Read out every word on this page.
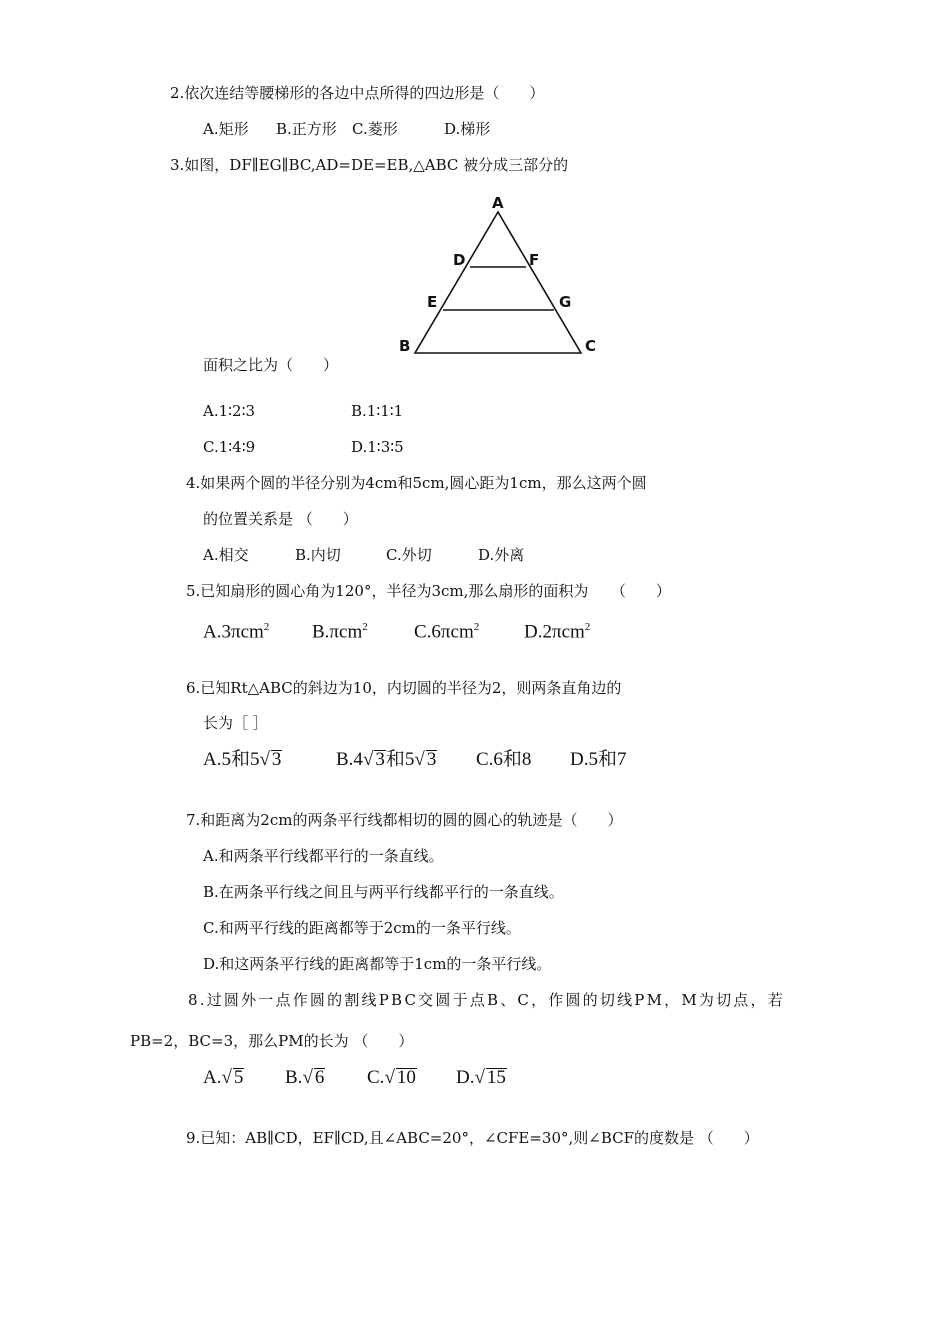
2.依次连结等腰梯形的各边中点所得的四边形是（　　）
A.矩形 B.正方形 C.菱形	D.梯形
3.如图，DF∥EG∥BC,AD=DE=EB,△ABC 被分成三部分的
A
D	F
E	G
B	C
面积之比为（　　）
A.1∶2∶3	B.1∶1∶1
C.1∶4∶9	D.1∶3∶5
4.如果两个圆的半径分别为4cm和5cm,圆心距为1cm，那么这两个圆
的位置关系是 （　　）
A.相交	B.内切	C.外切	D.外离
5.已知扇形的圆心角为120°，半径为3cm,那么扇形的面积为　　（　　）
A.3πcm$^2$ B.πcm$^2$ C.6πcm$^2$ D.2πcm$^2$
6.已知Rt△ABC的斜边为10，内切圆的半径为2，则两条直角边的
长为［ ］
A.5和5√ 3	B.4√ 3和5√ 3 C.6和8 D.5和7
7.和距离为2cm的两条平行线都相切的圆的圆心的轨迹是（　　）
A.和两条平行线都平行的一条直线。
B.在两条平行线之间且与两平行线都平行的一条直线。
C.和两平行线的距离都等于2cm的一条平行线。
D.和这两条平行线的距离都等于1cm的一条平行线。
8.过圆外一点作圆的割线PBC交圆于点B、C，作圆的切线PM，M为切点，若
PB=2，BC=3，那么PM的长为 （　　）
A.√ 5 B.√ 6 C.√ 10 D.√ 15
9.已知：AB∥CD，EF∥CD,且∠ABC=20°，∠CFE=30°,则∠BCF的度数是 （　　）
